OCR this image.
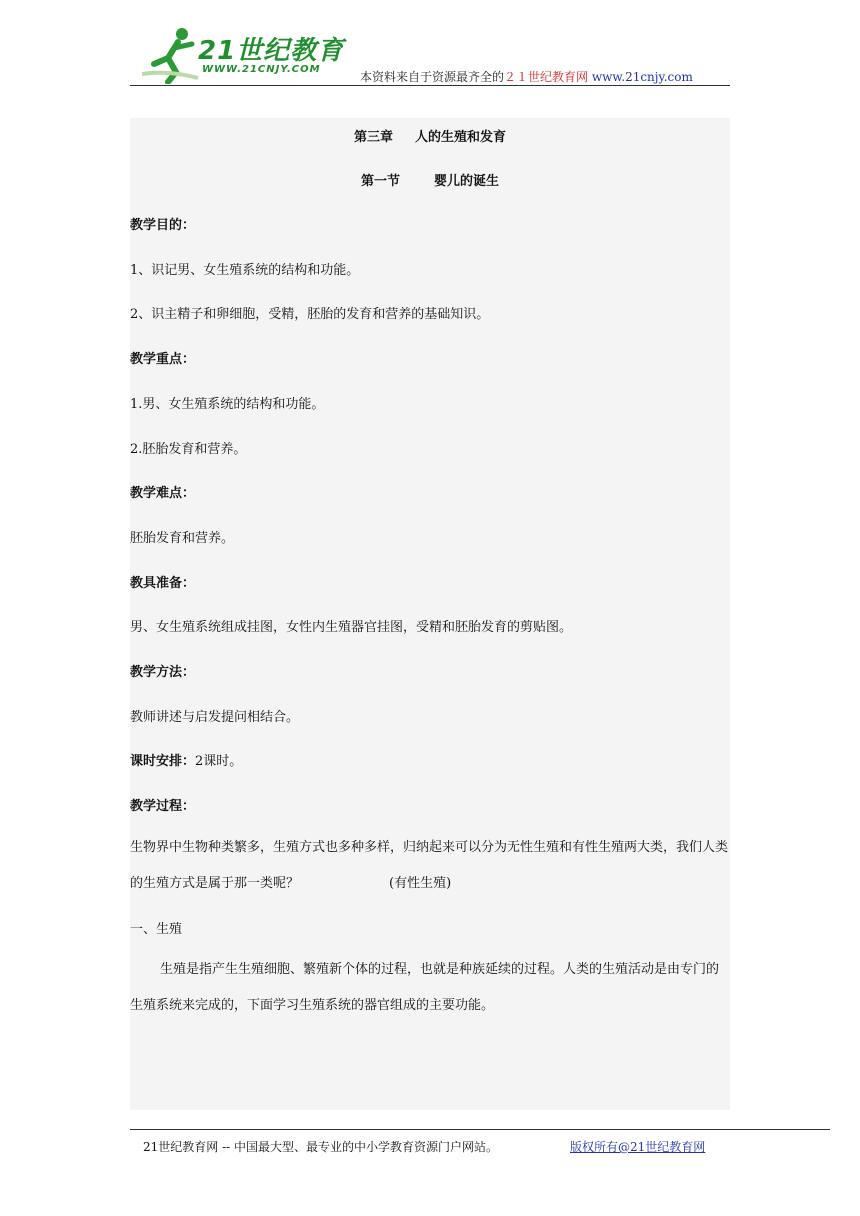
21世纪教育
WWW.21CNJY.COM
本资料来自于资源最齐全的２１世纪教育网 www.21cnjy.com
第三章 人的生殖和发育
第一节	婴儿的诞生
教学目的：
1、识记男、女生殖系统的结构和功能。
2、识主精子和卵细胞，受精，胚胎的发育和营养的基础知识。
教学重点：
1.男、女生殖系统的结构和功能。
2.胚胎发育和营养。
教学难点：
胚胎发育和营养。
教具准备：
男、女生殖系统组成挂图，女性内生殖器官挂图，受精和胚胎发育的剪贴图。
教学方法：
教师讲述与启发提问相结合。
课时安排：2课时。
教学过程：
生物界中生物种类繁多，生殖方式也多种多样，归纳起来可以分为无性生殖和有性生殖两大类，我们人类的生殖方式是属于那一类呢？	(有性生殖)
一、生殖
生殖是指产生生殖细胞、繁殖新个体的过程，也就是种族延续的过程。人类的生殖活动是由专门的生殖系统来完成的，下面学习生殖系统的器官组成的主要功能。
21世纪教育网 -- 中国最大型、最专业的中小学教育资源门户网站。	版权所有@21世纪教育网
